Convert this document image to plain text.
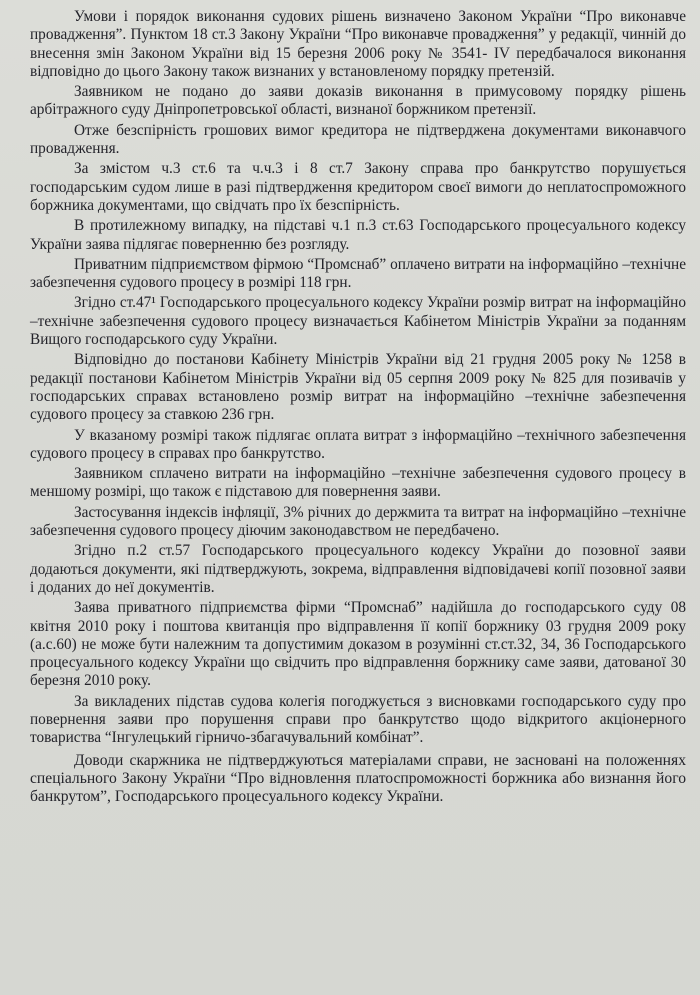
Умови і порядок виконання судових рішень визначено Законом України “Про виконавче провадження”. Пунктом 18 ст.3 Закону України “Про виконавче провадження” у редакції, чинній до внесення змін Законом України від 15 березня 2006 року № 3541- IV передбачалося виконання відповідно до цього Закону також визнаних у встановленому порядку претензій.

Заявником не подано до заяви доказів виконання в примусовому порядку рішень арбітражного суду Дніпропетровської області, визнаної боржником претензії.

Отже безспірність грошових вимог кредитора не підтверджена документами виконавчого провадження.

За змістом ч.3 ст.6 та ч.ч.3 і 8 ст.7 Закону справа про банкрутство порушується господарським судом лише в разі підтвердження кредитором своєї вимоги до неплатоспроможного боржника документами, що свідчать про їх безспірність.

В протилежному випадку, на підставі ч.1 п.3 ст.63 Господарського процесуального кодексу України заява підлягає поверненню без розгляду.

Приватним підприємством фірмою “Промснаб” оплачено витрати на інформаційно –технічне забезпечення судового процесу в розмірі 118 грн.

Згідно ст.47¹ Господарського процесуального кодексу України розмір витрат на інформаційно –технічне забезпечення судового процесу визначається Кабінетом Міністрів України за поданням Вищого господарського суду України.

Відповідно до постанови Кабінету Міністрів України від 21 грудня 2005 року № 1258 в редакції постанови Кабінетом Міністрів України від 05 серпня 2009 року № 825 для позивачів у господарських справах встановлено розмір витрат на інформаційно –технічне забезпечення судового процесу за ставкою 236 грн.

У вказаному розмірі також підлягає оплата витрат з інформаційно –технічного забезпечення судового процесу в справах про банкрутство.

Заявником сплачено витрати на інформаційно –технічне забезпечення судового процесу в меншому розмірі, що також є підставою для повернення заяви.

Застосування індексів інфляції, 3% річних до держмита та витрат на інформаційно –технічне забезпечення судового процесу діючим законодавством не передбачено.

Згідно п.2 ст.57 Господарського процесуального кодексу України до позовної заяви додаються документи, які підтверджують, зокрема, відправлення відповідачеві копії позовної заяви і доданих до неї документів.

Заява приватного підприємства фірми “Промснаб” надійшла до господарського суду 08 квітня 2010 року і поштова квитанція про відправлення її копії боржнику 03 грудня 2009 року (а.с.60) не може бути належним та допустимим доказом в розумінні ст.ст.32, 34, 36 Господарського процесуального кодексу України що свідчить про відправлення боржнику саме заяви, датованої 30 березня 2010 року.

За викладених підстав судова колегія погоджується з висновками господарського суду про повернення заяви про порушення справи про банкрутство щодо відкритого акціонерного товариства “Інгулецький гірничо-збагачувальний комбінат”.

Доводи скаржника не підтверджуються матеріалами справи, не засновані на положеннях спеціального Закону України “Про відновлення платоспроможності боржника або визнання його банкрутом”, Господарського процесуального кодексу України.
